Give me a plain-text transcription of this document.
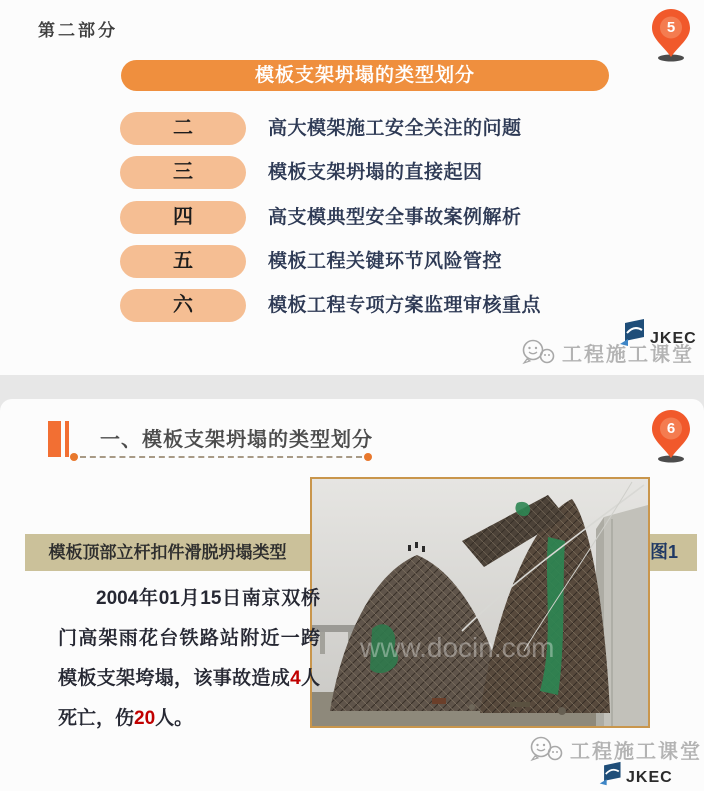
第二部分	5
模板支架坍塌的类型划分
二	高大模架施工安全关注的问题
三	模板支架坍塌的直接起因
四	高支模典型安全事故案例解析
五	模板工程关键环节风险管控
六	模板工程专项方案监理审核重点
JKEC
工程施工课堂
一、模板支架坍塌的类型划分
6
模板顶部立杆扣件滑脱坍塌类型	图1
www.docin.com
2004年01月15日南京双桥门高架雨花台铁路站附近一跨模板支架垮塌，该事故造成4人死亡，伤20人。
工程施工课堂
JKEC
